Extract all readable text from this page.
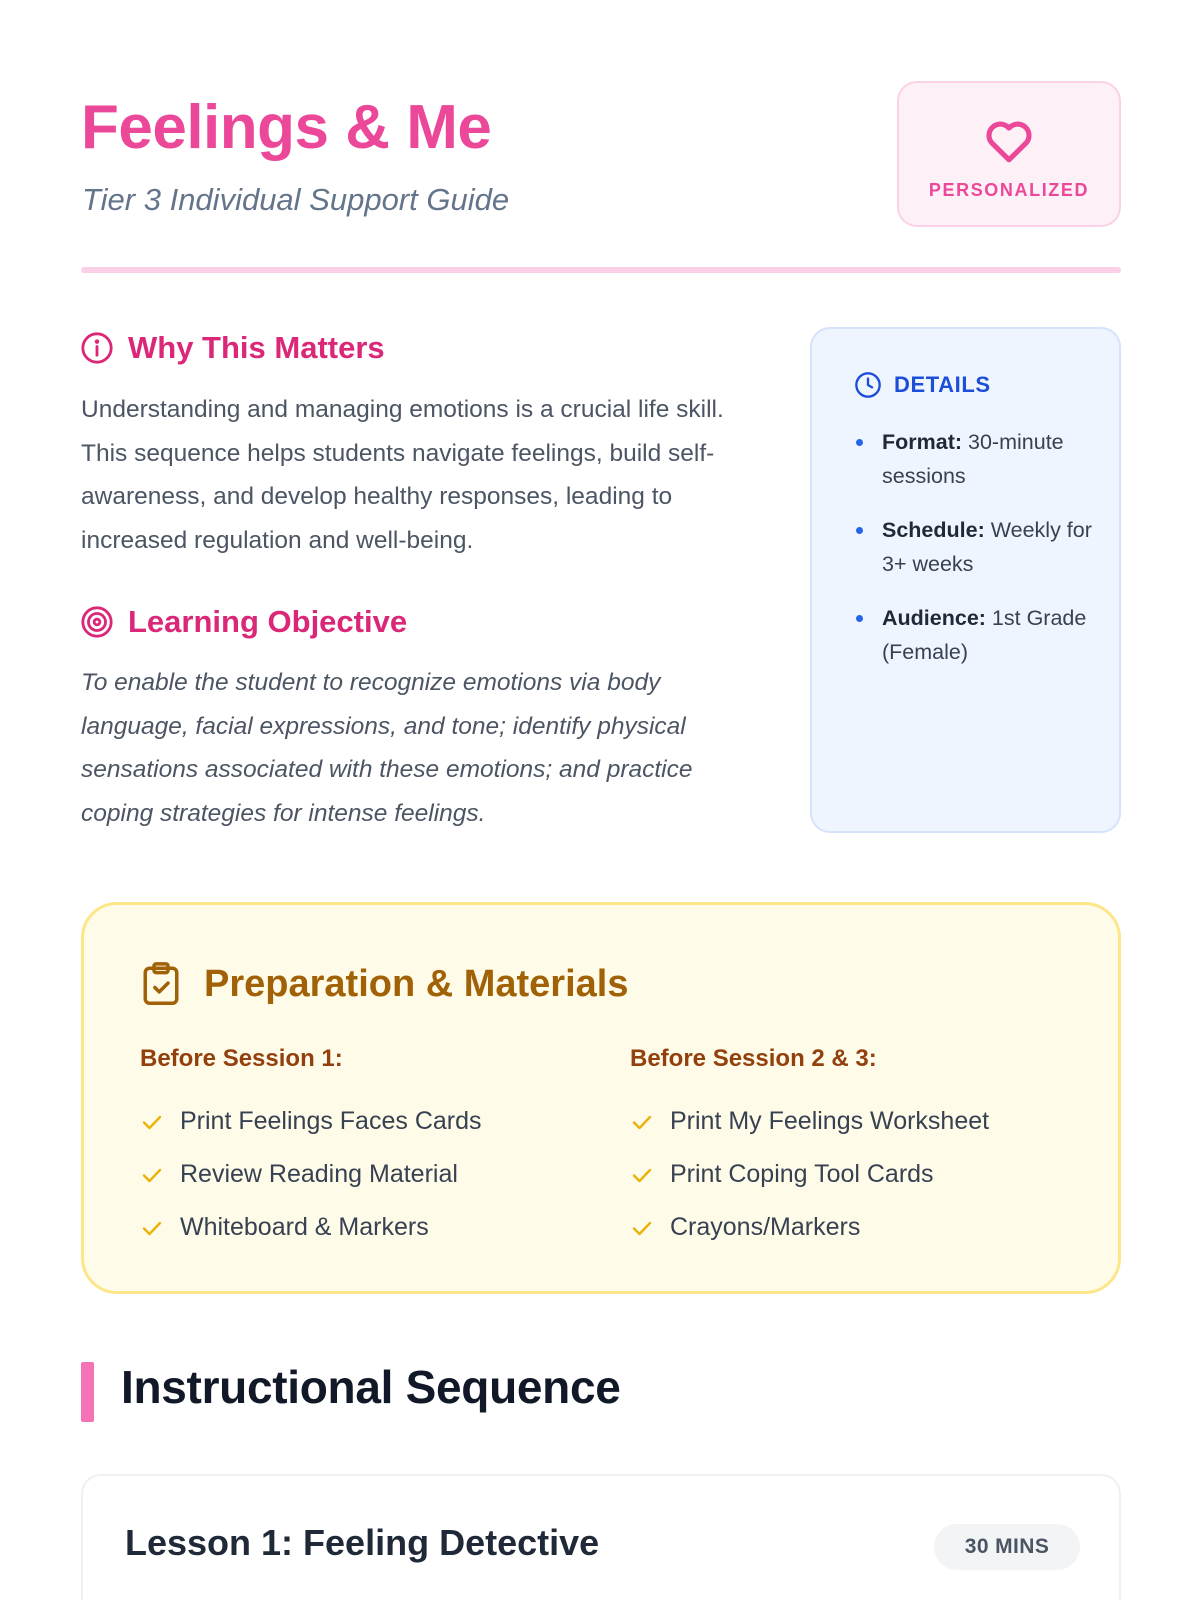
Feelings & Me
Tier 3 Individual Support Guide	PERSONALIZED
Why This Matters

Understanding and managing emotions is a crucial life skill. This sequence helps students navigate feelings, build self-awareness, and develop healthy responses, leading to increased regulation and well-being.

Learning Objective

To enable the student to recognize emotions via body language, facial expressions, and tone; identify physical sensations associated with these emotions; and practice coping strategies for intense feelings.

DETAILS
Format: 30-minute sessions
Schedule: Weekly for 3+ weeks
Audience: 1st Grade (Female)
Preparation & Materials
Before Session 1:
Print Feelings Faces Cards
Review Reading Material
Whiteboard & Markers
Before Session 2 & 3:
Print My Feelings Worksheet
Print Coping Tool Cards
Crayons/Markers
Instructional Sequence
Lesson 1: Feeling Detective	30 MINS
